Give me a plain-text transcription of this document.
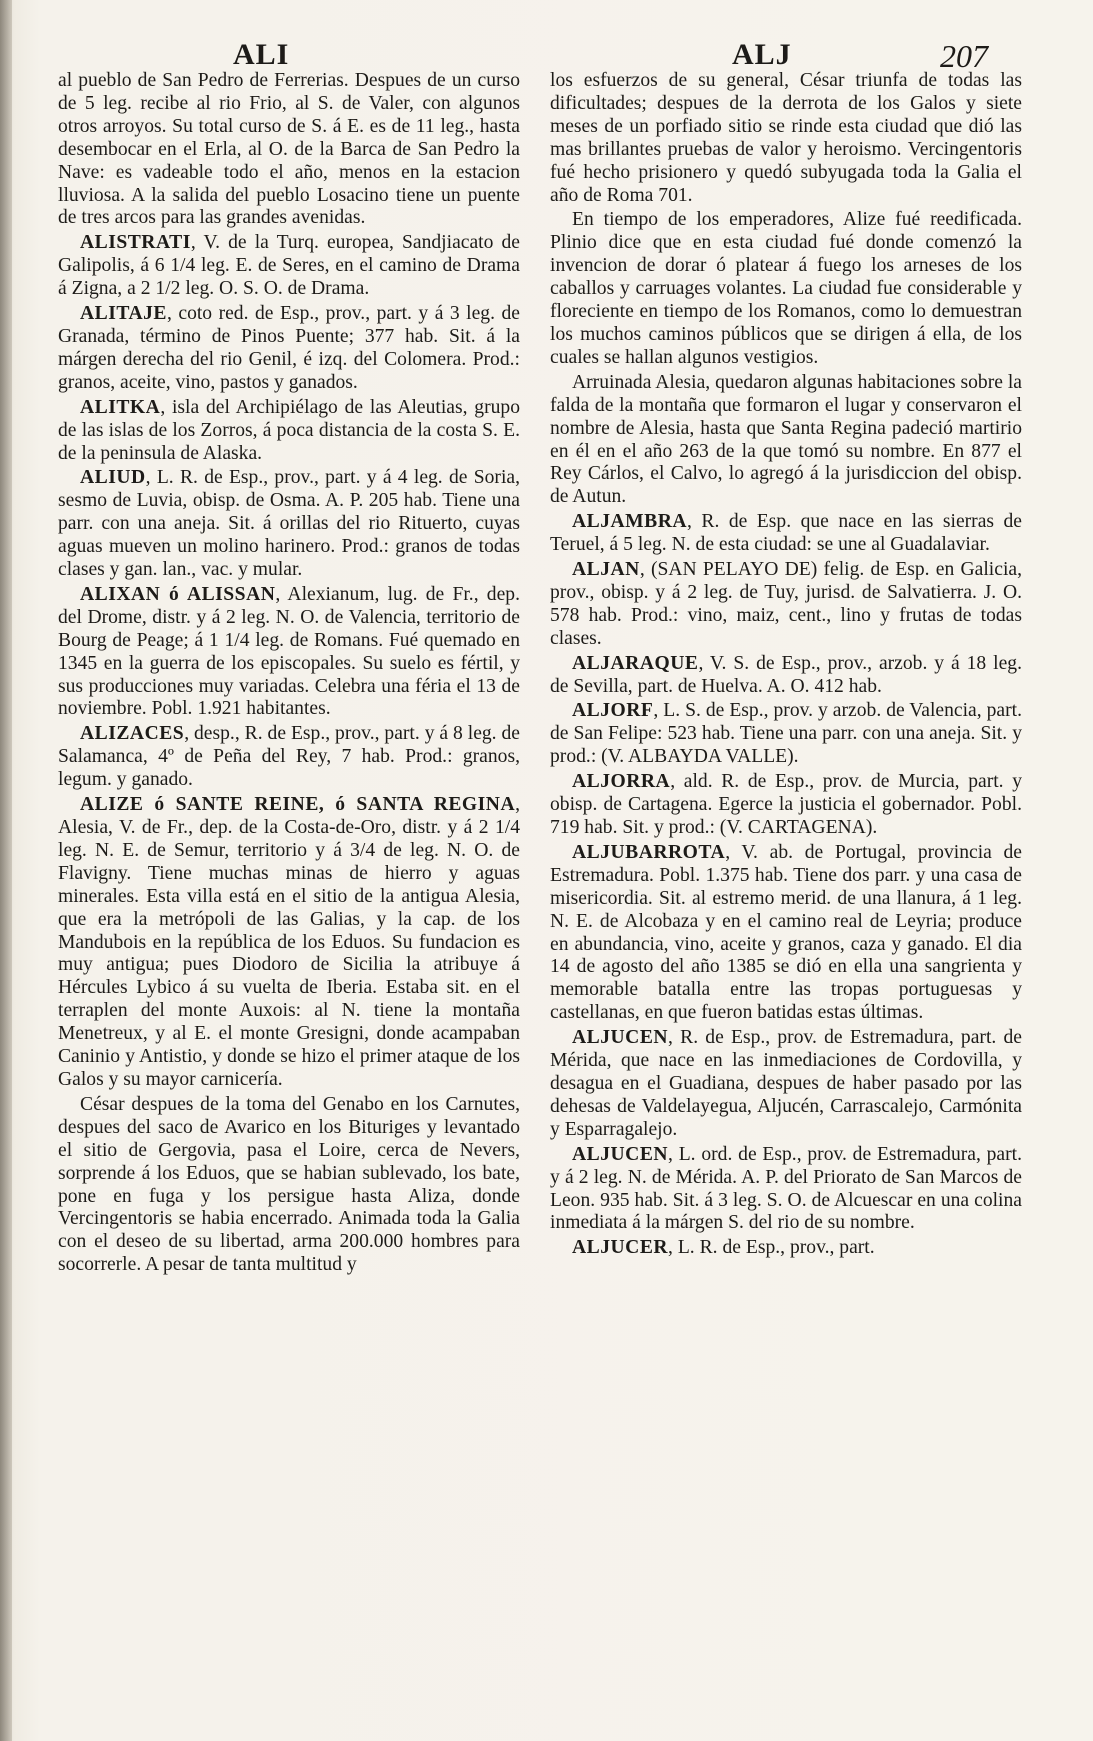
ALI	ALJ	207

al pueblo de San Pedro de Ferrerias. Despues de un curso de 5 leg. recibe al rio Frio, al S. de Valer, con algunos otros arroyos. Su total curso de S. á E. es de 11 leg., hasta desembocar en el Erla, al O. de la Barca de San Pedro la Nave: es vadeable todo el año, menos en la estacion lluviosa. A la salida del pueblo Losacino tiene un puente de tres arcos para las grandes avenidas.

ALISTRATI, V. de la Turq. europea, Sandjiacato de Galipolis, á 6 1/4 leg. E. de Seres, en el camino de Drama á Zigna, a 2 1/2 leg. O. S. O. de Drama.

ALITAJE, coto red. de Esp., prov., part. y á 3 leg. de Granada, término de Pinos Puente; 377 hab. Sit. á la márgen derecha del rio Genil, é izq. del Colomera. Prod.: granos, aceite, vino, pastos y ganados.

ALITKA, isla del Archipiélago de las Aleutias, grupo de las islas de los Zorros, á poca distancia de la costa S. E. de la peninsula de Alaska.

ALIUD, L. R. de Esp., prov., part. y á 4 leg. de Soria, sesmo de Luvia, obisp. de Osma. A. P. 205 hab. Tiene una parr. con una aneja. Sit. á orillas del rio Rituerto, cuyas aguas mueven un molino harinero. Prod.: granos de todas clases y gan. lan., vac. y mular.

ALIXAN ó ALISSAN, Alexianum, lug. de Fr., dep. del Drome, distr. y á 2 leg. N. O. de Valencia, territorio de Bourg de Peage; á 1 1/4 leg. de Romans. Fué quemado en 1345 en la guerra de los episcopales. Su suelo es fértil, y sus producciones muy variadas. Celebra una féria el 13 de noviembre. Pobl. 1.921 habitantes.

ALIZACES, desp., R. de Esp., prov., part. y á 8 leg. de Salamanca, 4º de Peña del Rey, 7 hab. Prod.: granos, legum. y ganado.

ALIZE ó SANTE REINE, ó SANTA REGINA, Alesia, V. de Fr., dep. de la Costa-de-Oro, distr. y á 2 1/4 leg. N. E. de Semur, territorio y á 3/4 de leg. N. O. de Flavigny. Tiene muchas minas de hierro y aguas minerales. Esta villa está en el sitio de la antigua Alesia, que era la metrópoli de las Galias, y la cap. de los Mandubois en la república de los Eduos. Su fundacion es muy antigua; pues Diodoro de Sicilia la atribuye á Hércules Lybico á su vuelta de Iberia. Estaba sit. en el terraplen del monte Auxois: al N. tiene la montaña Menetreux, y al E. el monte Gresigni, donde acampaban Caninio y Antistio, y donde se hizo el primer ataque de los Galos y su mayor carnicería.

César despues de la toma del Genabo en los Carnutes, despues del saco de Avarico en los Bituriges y levantado el sitio de Gergovia, pasa el Loire, cerca de Nevers, sorprende á los Eduos, que se habian sublevado, los bate, pone en fuga y los persigue hasta Aliza, donde Vercingentoris se habia encerrado. Animada toda la Galia con el deseo de su libertad, arma 200.000 hombres para socorrerle. A pesar de tanta multitud y

los esfuerzos de su general, César triunfa de todas las dificultades; despues de la derrota de los Galos y siete meses de un porfiado sitio se rinde esta ciudad que dió las mas brillantes pruebas de valor y heroismo. Vercingentoris fué hecho prisionero y quedó subyugada toda la Galia el año de Roma 701.

En tiempo de los emperadores, Alize fué reedificada. Plinio dice que en esta ciudad fué donde comenzó la invencion de dorar ó platear á fuego los arneses de los caballos y carruages volantes. La ciudad fue considerable y floreciente en tiempo de los Romanos, como lo demuestran los muchos caminos públicos que se dirigen á ella, de los cuales se hallan algunos vestigios.

Arruinada Alesia, quedaron algunas habitaciones sobre la falda de la montaña que formaron el lugar y conservaron el nombre de Alesia, hasta que Santa Regina padeció martirio en él en el año 263 de la que tomó su nombre. En 877 el Rey Cárlos, el Calvo, lo agregó á la jurisdiccion del obisp. de Autun.

ALJAMBRA, R. de Esp. que nace en las sierras de Teruel, á 5 leg. N. de esta ciudad: se une al Guadalaviar.

ALJAN, (SAN PELAYO DE) felig. de Esp. en Galicia, prov., obisp. y á 2 leg. de Tuy, jurisd. de Salvatierra. J. O. 578 hab. Prod.: vino, maiz, cent., lino y frutas de todas clases.

ALJARAQUE, V. S. de Esp., prov., arzob. y á 18 leg. de Sevilla, part. de Huelva. A. O. 412 hab.

ALJORF, L. S. de Esp., prov. y arzob. de Valencia, part. de San Felipe: 523 hab. Tiene una parr. con una aneja. Sit. y prod.: (V. ALBAYDA VALLE).

ALJORRA, ald. R. de Esp., prov. de Murcia, part. y obisp. de Cartagena. Egerce la justicia el gobernador. Pobl. 719 hab. Sit. y prod.: (V. CARTAGENA).

ALJUBARROTA, V. ab. de Portugal, provincia de Estremadura. Pobl. 1.375 hab. Tiene dos parr. y una casa de misericordia. Sit. al estremo merid. de una llanura, á 1 leg. N. E. de Alcobaza y en el camino real de Leyria; produce en abundancia, vino, aceite y granos, caza y ganado. El dia 14 de agosto del año 1385 se dió en ella una sangrienta y memorable batalla entre las tropas portuguesas y castellanas, en que fueron batidas estas últimas.

ALJUCEN, R. de Esp., prov. de Estremadura, part. de Mérida, que nace en las inmediaciones de Cordovilla, y desagua en el Guadiana, despues de haber pasado por las dehesas de Valdelayegua, Aljucén, Carrascalejo, Carmónita y Esparragalejo.

ALJUCEN, L. ord. de Esp., prov. de Estremadura, part. y á 2 leg. N. de Mérida. A. P. del Priorato de San Marcos de Leon. 935 hab. Sit. á 3 leg. S. O. de Alcuescar en una colina inmediata á la márgen S. del rio de su nombre.

ALJUCER, L. R. de Esp., prov., part.
